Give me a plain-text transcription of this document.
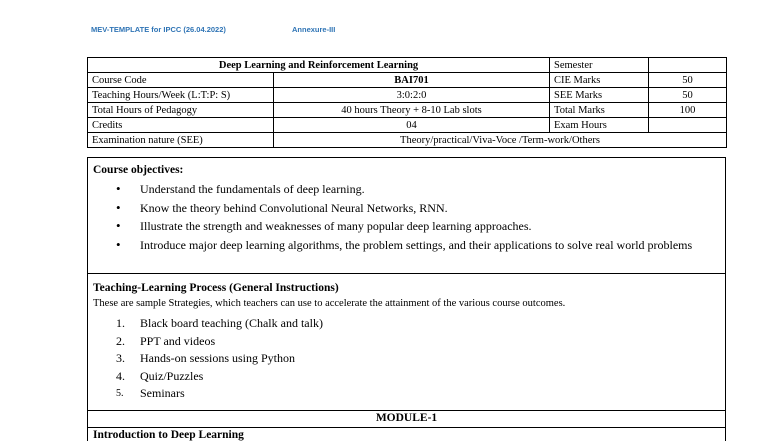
MEV-TEMPLATE for IPCC (26.04.2022)	Annexure-III
Deep Learning and Reinforcement Learning		Semester	
Course Code	BAI701	CIE Marks	50
Teaching Hours/Week (L:T:P: S)	3:0:2:0	SEE Marks	50
Total Hours of Pedagogy	40 hours Theory + 8-10 Lab slots	Total Marks	100
Credits	04	Exam Hours	
Examination nature (SEE)	Theory/practical/Viva-Voce /Term-work/Others		
Course objectives:
• Understand the fundamentals of deep learning.
• Know the theory behind Convolutional Neural Networks, RNN.
• Illustrate the strength and weaknesses of many popular deep learning approaches.
• Introduce major deep learning algorithms, the problem settings, and their applications to solve real world problems
Teaching-Learning Process (General Instructions)
These are sample Strategies, which teachers can use to accelerate the attainment of the various course outcomes.
1. Black board teaching (Chalk and talk)
2. PPT and videos
3. Hands-on sessions using Python
4. Quiz/Puzzles
5. Seminars
MODULE-1
Introduction to Deep Learning
